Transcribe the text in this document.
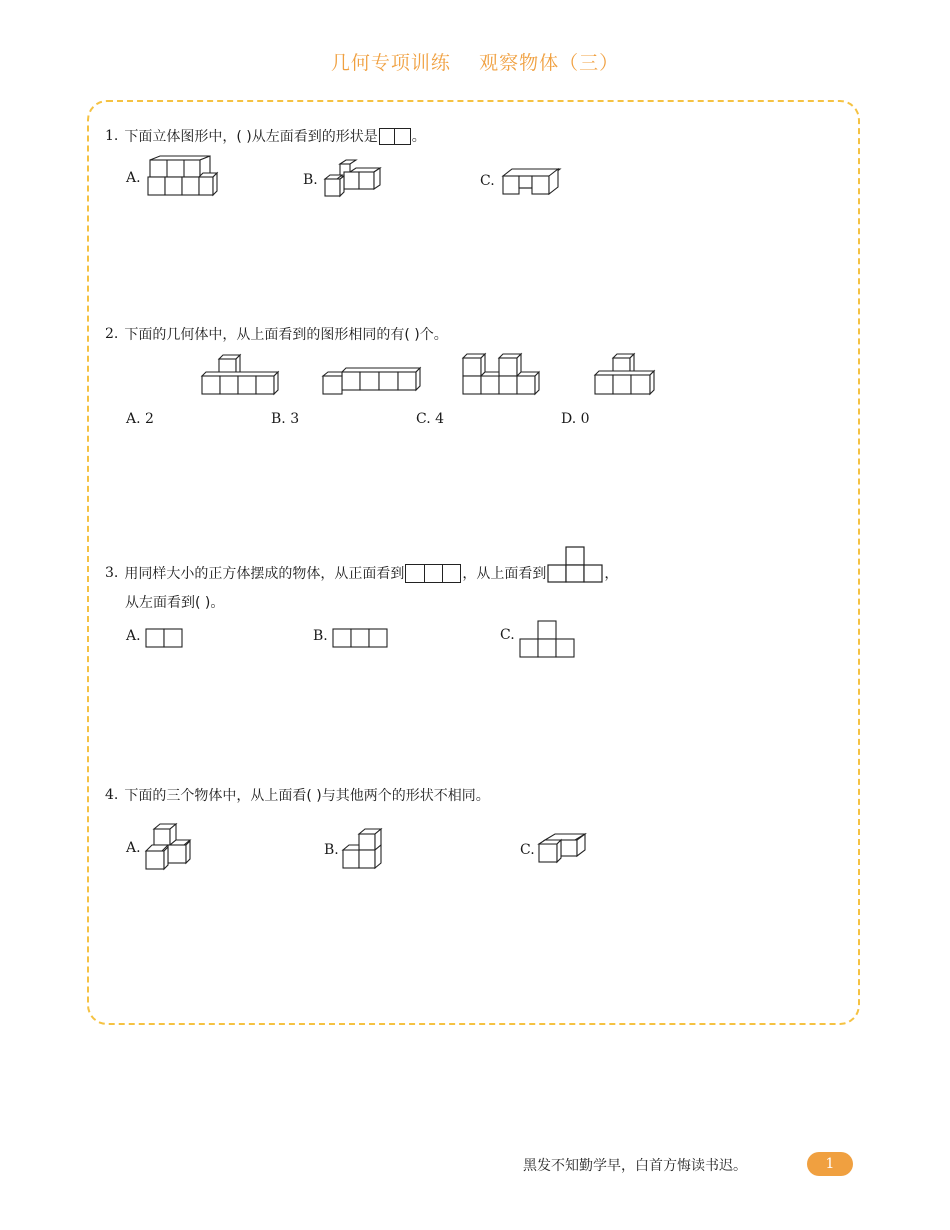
几何专项训练    观察物体（三）
1. 下面立体图形中，( )从左面看到的形状是 。
A.	B.	C.
2. 下面的几何体中，从上面看到的图形相同的有( )个。
A. 2	B. 3	C. 4	D. 0
3. 用同样大小的正方体摆成的物体，从正面看到	，从上面看到	，
从左面看到( )。
A.	B.	C.
4. 下面的三个物体中，从上面看( )与其他两个的形状不相同。
A.	B.	C.
黑发不知勤学早，白首方悔读书迟。	1
